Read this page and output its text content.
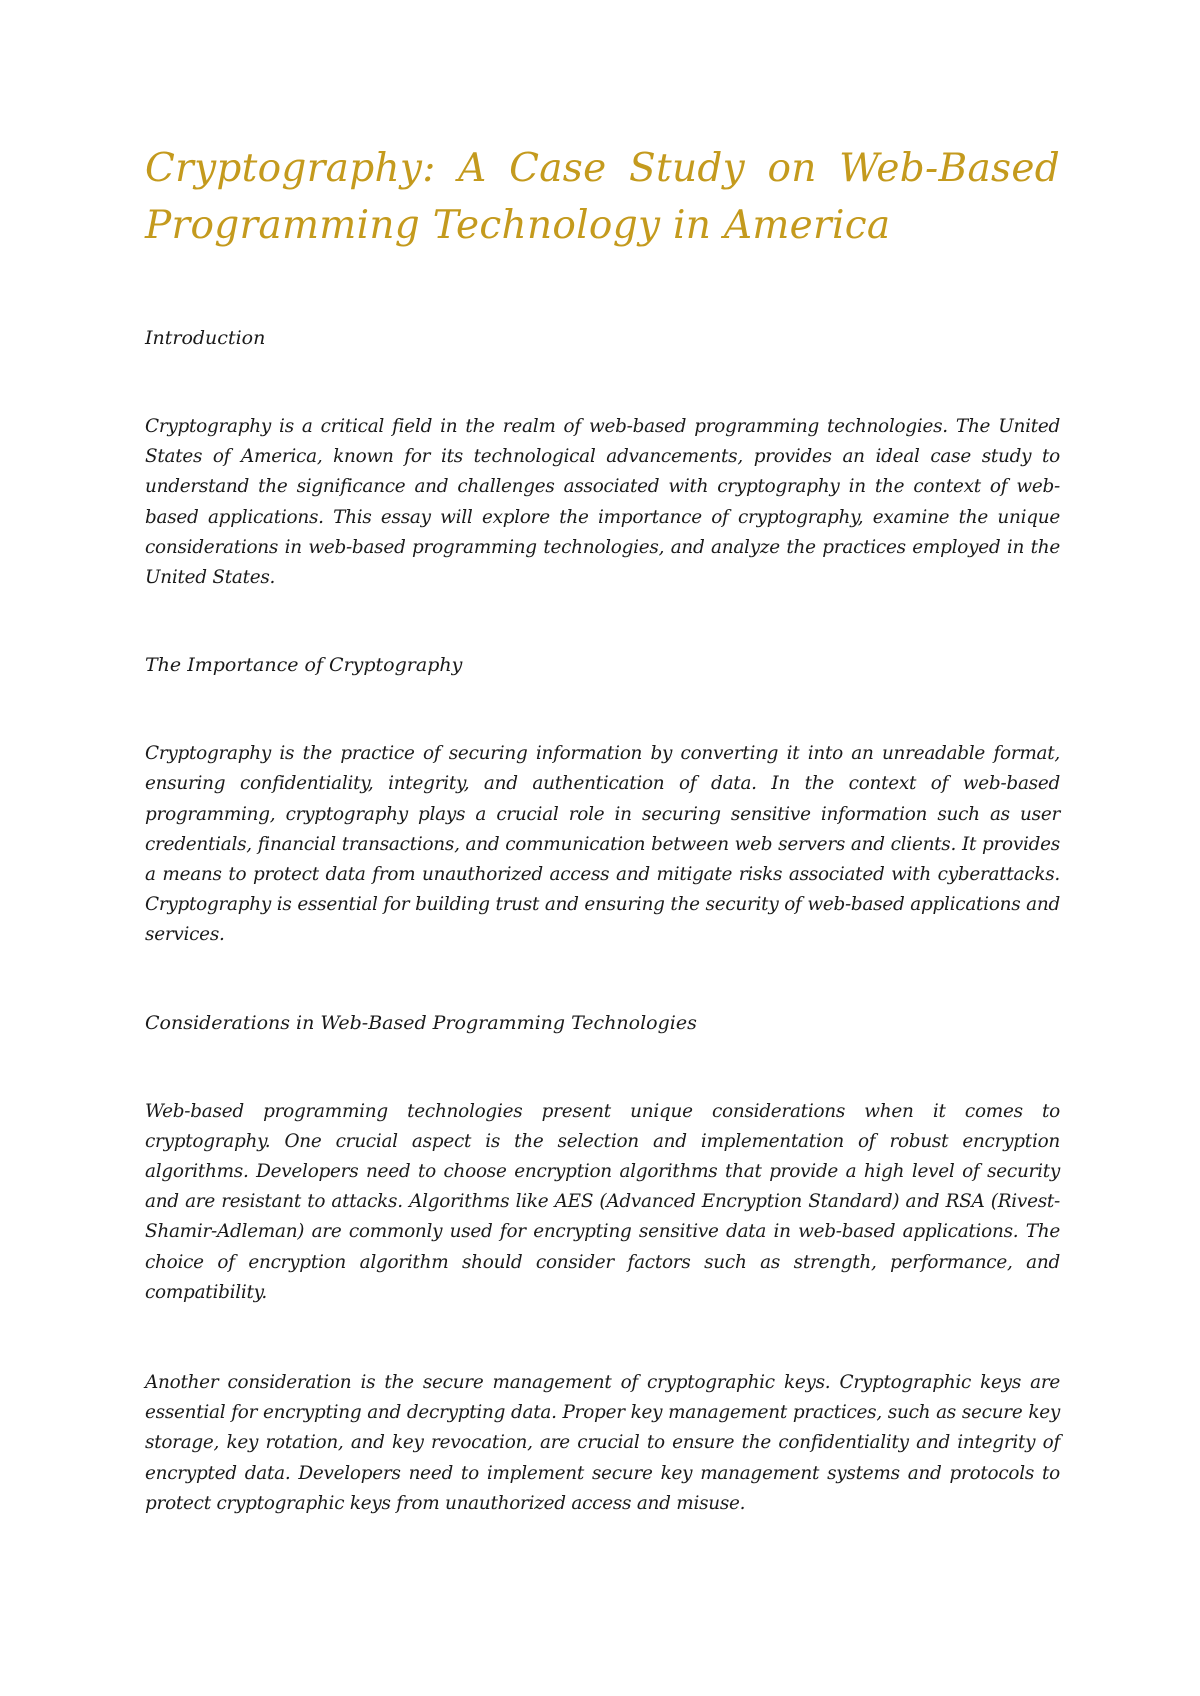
Cryptography: A Case Study on Web-Based Programming Technology in America

Introduction

Cryptography is a critical field in the realm of web-based programming technologies. The United States of America, known for its technological advancements, provides an ideal case study to understand the significance and challenges associated with cryptography in the context of web-based applications. This essay will explore the importance of cryptography, examine the unique considerations in web-based programming technologies, and analyze the practices employed in the United States.

The Importance of Cryptography

Cryptography is the practice of securing information by converting it into an unreadable format, ensuring confidentiality, integrity, and authentication of data. In the context of web-based programming, cryptography plays a crucial role in securing sensitive information such as user credentials, financial transactions, and communication between web servers and clients. It provides a means to protect data from unauthorized access and mitigate risks associated with cyberattacks. Cryptography is essential for building trust and ensuring the security of web-based applications and services.

Considerations in Web-Based Programming Technologies

Web-based programming technologies present unique considerations when it comes to cryptography. One crucial aspect is the selection and implementation of robust encryption algorithms. Developers need to choose encryption algorithms that provide a high level of security and are resistant to attacks. Algorithms like AES (Advanced Encryption Standard) and RSA (Rivest-Shamir-Adleman) are commonly used for encrypting sensitive data in web-based applications. The choice of encryption algorithm should consider factors such as strength, performance, and compatibility.

Another consideration is the secure management of cryptographic keys. Cryptographic keys are essential for encrypting and decrypting data. Proper key management practices, such as secure key storage, key rotation, and key revocation, are crucial to ensure the confidentiality and integrity of encrypted data. Developers need to implement secure key management systems and protocols to protect cryptographic keys from unauthorized access and misuse.
